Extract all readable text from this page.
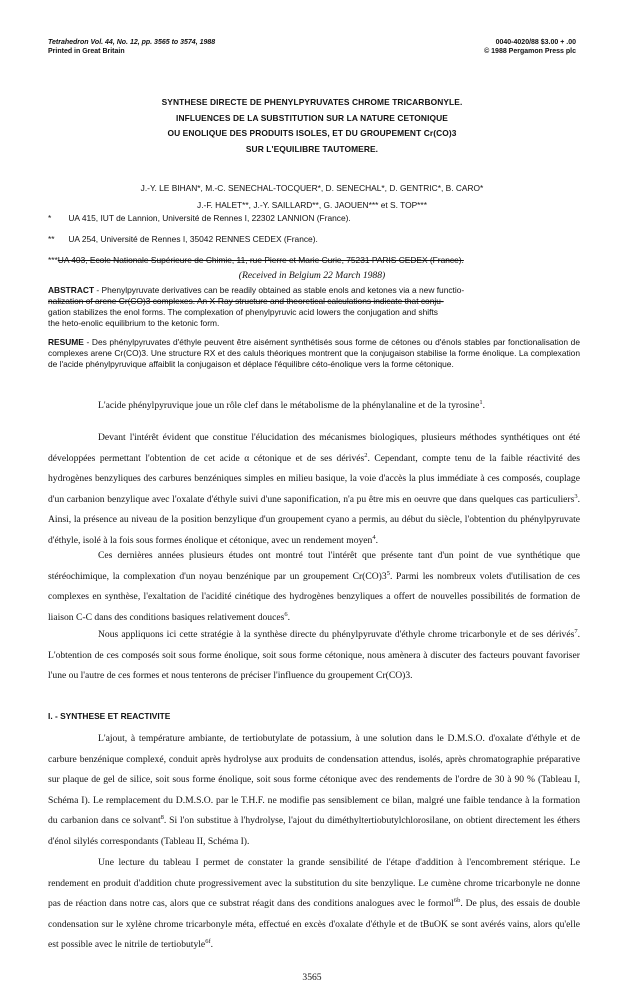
Tetrahedron Vol. 44, No. 12, pp. 3565 to 3574, 1988
Printed in Great Britain
0040-4020/88 $3.00 + .00
© 1988 Pergamon Press plc
SYNTHESE DIRECTE DE PHENYLPYRUVATES CHROME TRICARBONYLE.
INFLUENCES DE LA SUBSTITUTION SUR LA NATURE CETONIQUE
OU ENOLIQUE DES PRODUITS ISOLES, ET DU GROUPEMENT Cr(CO)3
SUR L'EQUILIBRE TAUTOMERE.
J.-Y. LE BIHAN*, M.-C. SENECHAL-TOCQUER*, D. SENECHAL*, D. GENTRIC*, B. CARO*
J.-F. HALET**, J.-Y. SAILLARD**, G. JAOUEN*** et S. TOP***
* UA 415, IUT de Lannion, Université de Rennes I, 22302 LANNION (France).
** UA 254, Université de Rennes I, 35042 RENNES CEDEX (France).
***UA 403, Ecole Nationale Supérieure de Chimie, 11, rue Pierre et Marie Curie, 75231 PARIS CEDEX (France).
(Received in Belgium 22 March 1988)
ABSTRACT - Phenylpyruvate derivatives can be readily obtained as stable enols and ketones via a new functio-
nalization of arene Cr(CO)3 complexes. An X-Ray structure and theoretical calculations indicate that conju-
gation stabilizes the enol forms. The complexation of phenylpyruvic acid lowers the conjugation and shifts
the heto-enolic equilibrium to the ketonic form.
RESUME - Des phénylpyruvates d'éthyle peuvent être aisément synthétisés sous forme de cétones ou d'énols stables par fonctionalisation de complexes arene Cr(CO)3. Une structure RX et des caluls théoriques montrent que la conjugaison stabilise la forme énolique. La complexation de l'acide phénylpyruvique affaiblit la conjugaison et déplace l'équilibre céto-énolique vers la forme cétonique.

L'acide phénylpyruvique joue un rôle clef dans le métabolisme de la phénylanaline et de la tyrosine$^1$.

Devant l'intérêt évident que constitue l'élucidation des mécanismes biologiques, plusieurs méthodes synthétiques ont été développées permettant l'obtention de cet acide α cétonique et de ses dérivés$^2$. Cependant, compte tenu de la faible réactivité des hydrogènes benzyliques des carbures benzéniques simples en milieu basique, la voie d'accès la plus immédiate à ces composés, couplage d'un carbanion benzylique avec l'oxalate d'éthyle suivi d'une saponification, n'a pu être mis en oeuvre que dans quelques cas particuliers$^3$. Ainsi, la présence au niveau de la position benzylique d'un groupement cyano a permis, au début du siècle, l'obtention du phénylpyruvate d'éthyle, isolé à la fois sous formes énolique et cétonique, avec un rendement moyen$^4$.

Ces dernières années plusieurs études ont montré tout l'intérêt que présente tant d'un point de vue synthétique que stéréochimique, la complexation d'un noyau benzénique par un groupement $Cr(CO)3^5$. Parmi les nombreux volets d'utilisation de ces complexes en synthèse, l'exaltation de l'acidité cinétique des hydrogènes benzyliques a offert de nouvelles possibilités de formation de liaison C-C dans des conditions basiques relativement douces$^6$.

Nous appliquons ici cette stratégie à la synthèse directe du phénylpyruvate d'éthyle chrome tricarbonyle et de ses dérivés$^7$. L'obtention de ces composés soit sous forme énolique, soit sous forme cétonique, nous amènera à discuter des facteurs pouvant favoriser l'une ou l'autre de ces formes et nous tenterons de préciser l'influence du groupement Cr(CO)3.

I. - SYNTHESE ET REACTIVITE

L'ajout, à température ambiante, de tertiobutylate de potassium, à une solution dans le D.M.S.O. d'oxalate d'éthyle et de carbure benzénique complexé, conduit après hydrolyse aux produits de condensation attendus, isolés, après chromatographie préparative sur plaque de gel de silice, soit sous forme énolique, soit sous forme cétonique avec des rendements de l'ordre de 30 à 90 % (Tableau I, Schéma I). Le remplacement du D.M.S.O. par le T.H.F. ne modifie pas sensiblement ce bilan, malgré une faible tendance à la formation du carbanion dans ce solvant$^8$. Si l'on substitue à l'hydrolyse, l'ajout du diméthyltertiobutylchlorosilane, on obtient directement les éthers d'énol silylés correspondants (Tableau II, Schéma I).

Une lecture du tableau I permet de constater la grande sensibilité de l'étape d'addition à l'encombrement stérique. Le rendement en produit d'addition chute progressivement avec la substitution du site benzylique. Le cumène chrome tricarbonyle ne donne pas de réaction dans notre cas, alors que ce substrat réagit dans des conditions analogues avec le formol$^{6b}$. De plus, des essais de double condensation sur le xylène chrome tricarbonyle méta, effectué en excès d'oxalate d'éthyle et de tBuOK se sont avérés vains, alors qu'elle est possible avec le nitrile de tertiobutyle$^{6f}$.

3565
